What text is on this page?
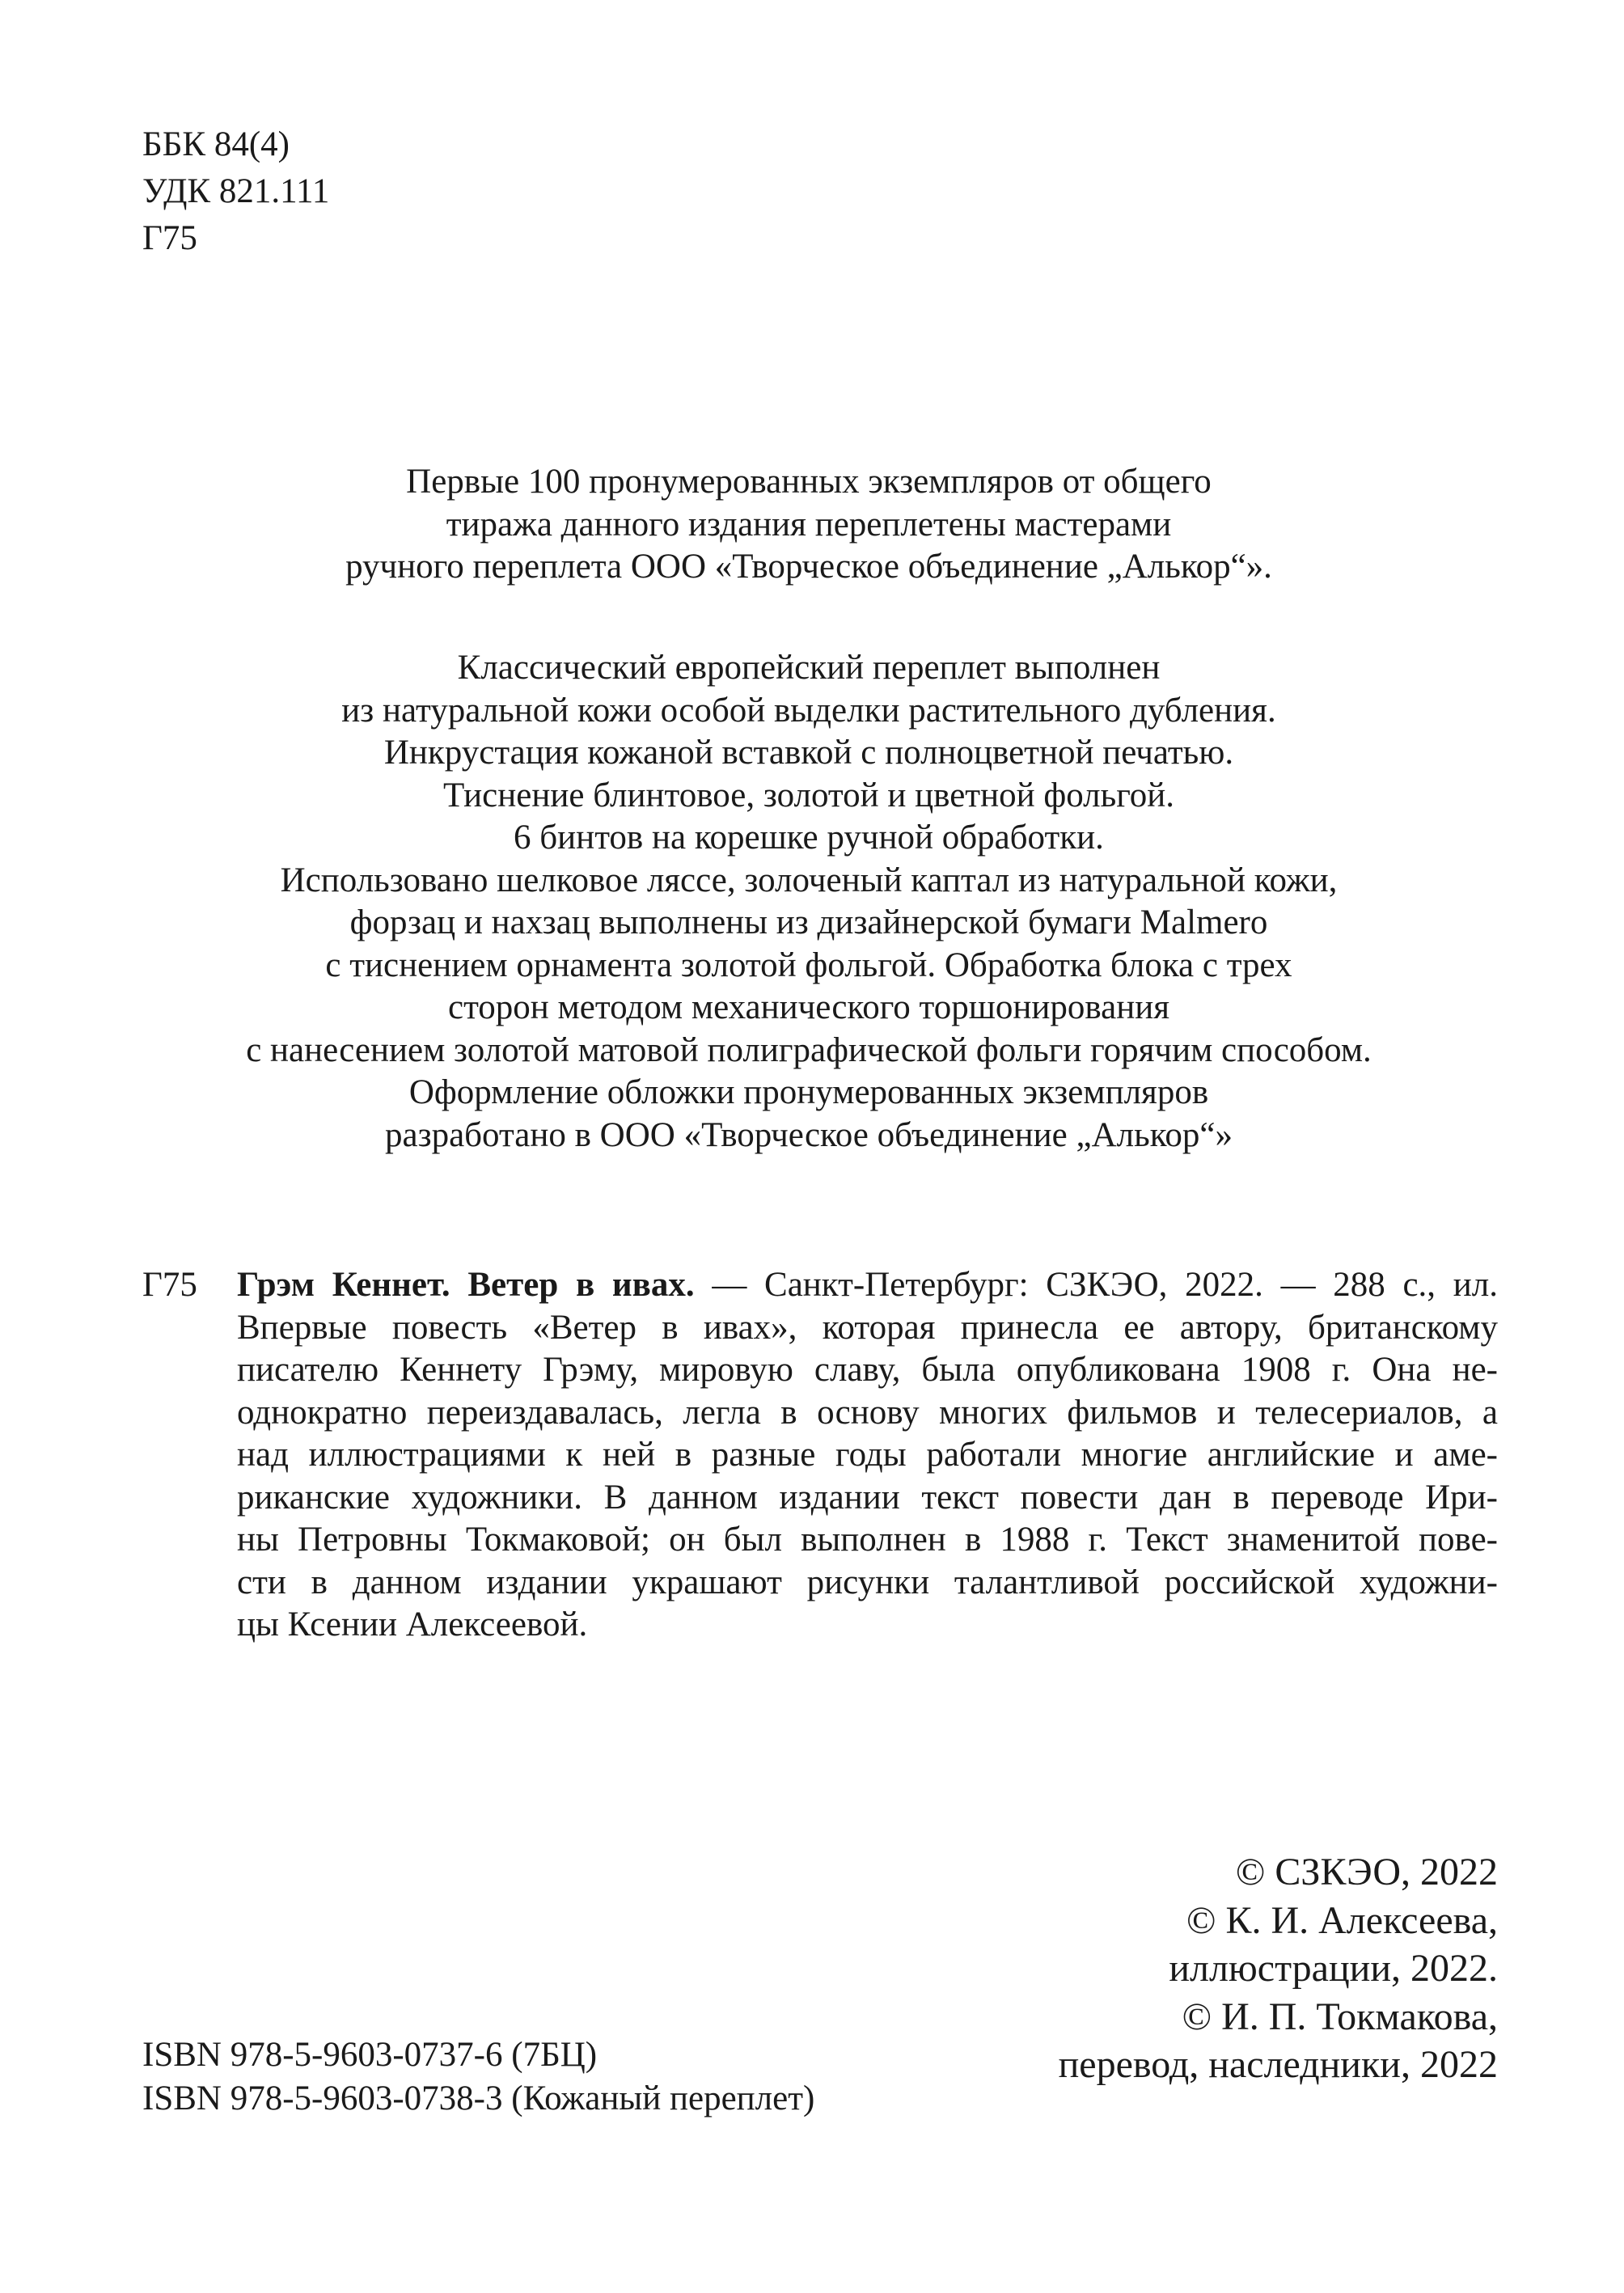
ББК 84(4)
УДК 821.111
Г75
Первые 100 пронумерованных экземпляров от общего
тиража данного издания переплетены мастерами
ручного переплета ООО «Творческое объединение „Алькор“».
Классический европейский переплет выполнен
из натуральной кожи особой выделки растительного дубления.
Инкрустация кожаной вставкой с полноцветной печатью.
Тиснение блинтовое, золотой и цветной фольгой.
6 бинтов на корешке ручной обработки.
Использовано шелковое ляссе, золоченый каптал из натуральной кожи,
форзац и нахзац выполнены из дизайнерской бумаги Malmero
с тиснением орнамента золотой фольгой. Обработка блока с трех
сторон методом механического торшонирования
с нанесением золотой матовой полиграфической фольги горячим способом.
Оформление обложки пронумерованных экземпляров
разработано в ООО «Творческое объединение „Алькор“»
Г75 Грэм Кеннет. Ветер в ивах. — Санкт-Петербург: СЗКЭО, 2022. — 288 с., ил.
Впервые повесть «Ветер в ивах», которая принесла ее автору, британскому
писателю Кеннету Грэму, мировую славу, была опубликована 1908 г. Она не-
однократно переиздавалась, легла в основу многих фильмов и телесериалов, а
над иллюстрациями к ней в разные годы работали многие английские и аме-
риканские художники. В данном издании текст повести дан в переводе Ири-
ны Петровны Токмаковой; он был выполнен в 1988 г. Текст знаменитой пове-
сти в данном издании украшают рисунки талантливой российской художни-
цы Ксении Алексеевой.
ISBN 978-5-9603-0737-6 (7БЦ)
ISBN 978-5-9603-0738-3 (Кожаный переплет)
© СЗКЭО, 2022
© К. И. Алексеева,
иллюстрации, 2022.
© И. П. Токмакова,
перевод, наследники, 2022
